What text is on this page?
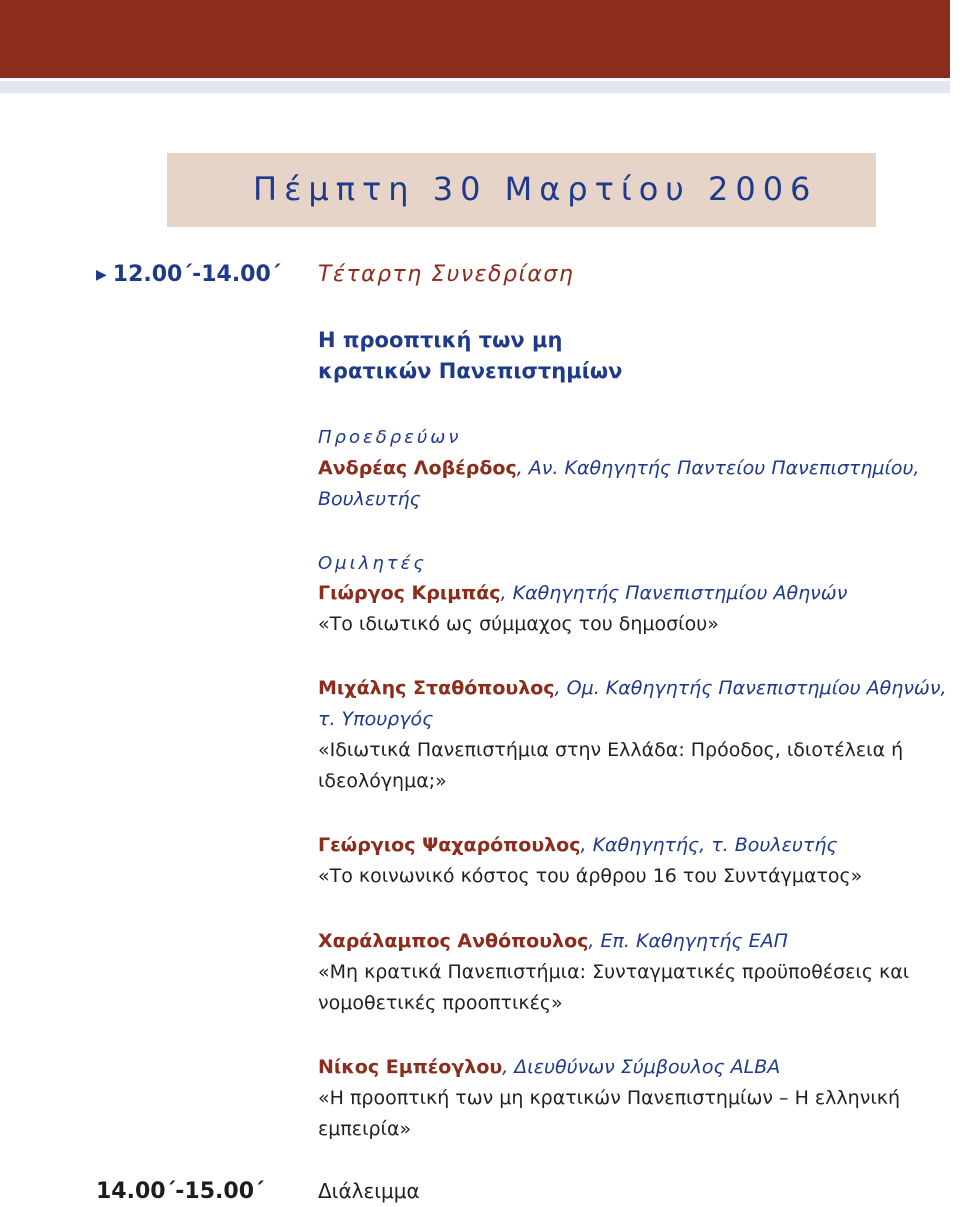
Πέμπτη 30 Μαρτίου 2006
▶ 12.00΄-14.00΄ Τέταρτη Συνεδρίαση
Η προοπτική των μη
κρατικών Πανεπιστημίων
Προεδρεύων
Ανδρέας Λοβέρδος, Αν. Καθηγητής Παντείου Πανεπιστημίου, Βουλευτής
Ομιλητές
Γιώργος Κριμπάς, Καθηγητής Πανεπιστημίου Αθηνών
«Το ιδιωτικό ως σύμμαχος του δημοσίου»
Μιχάλης Σταθόπουλος, Ομ. Καθηγητής Πανεπιστημίου Αθηνών, τ. Υπουργός
«Ιδιωτικά Πανεπιστήμια στην Ελλάδα: Πρόοδος, ιδιοτέλεια ή ιδεολόγημα;»
Γεώργιος Ψαχαρόπουλος, Καθηγητής, τ. Βουλευτής
«Το κοινωνικό κόστος του άρθρου 16 του Συντάγματος»
Χαράλαμπος Ανθόπουλος, Επ. Καθηγητής ΕΑΠ
«Μη κρατικά Πανεπιστήμια: Συνταγματικές προϋποθέσεις και νομοθετικές προοπτικές»
Νίκος Εμπέογλου, Διευθύνων Σύμβουλος ALBA
«Η προοπτική των μη κρατικών Πανεπιστημίων – Η ελληνική εμπειρία»
14.00΄-15.00΄	Διάλειμμα
